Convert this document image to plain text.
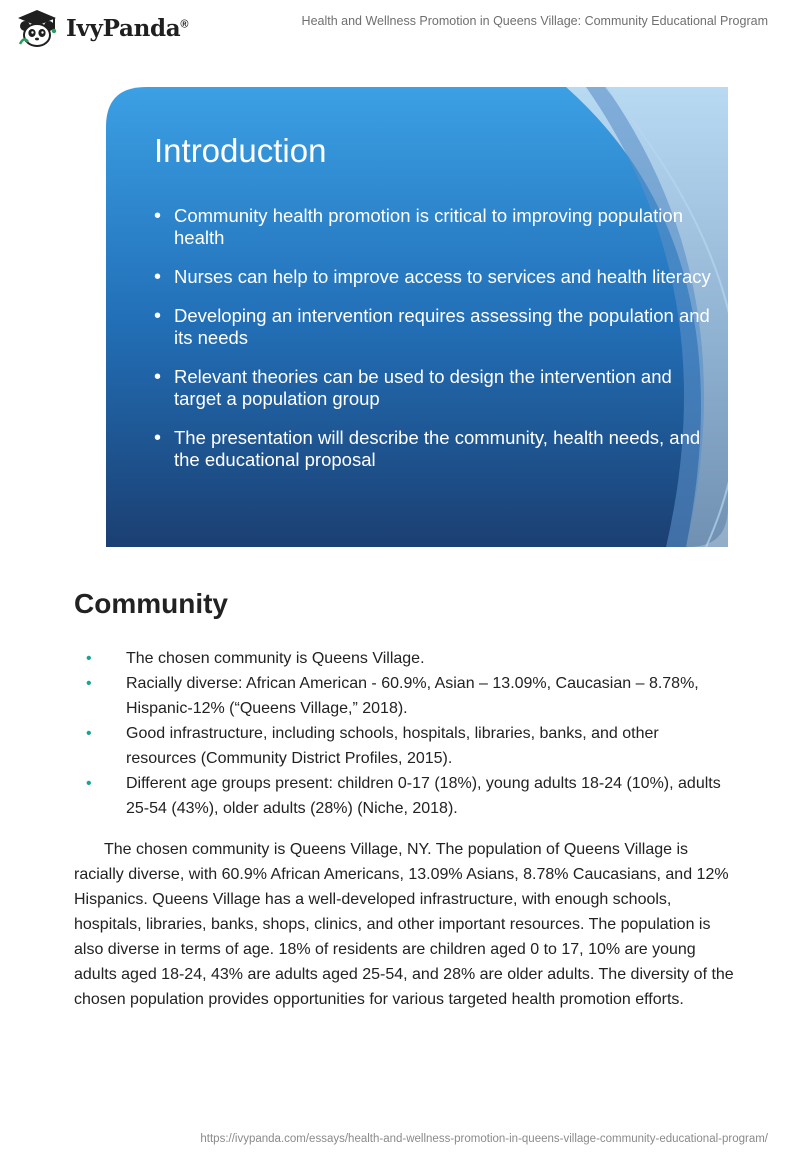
IvyPanda®	Health and Wellness Promotion in Queens Village: Community Educational Program
Introduction
• Community health promotion is critical to improving population health
• Nurses can help to improve access to services and health literacy
• Developing an intervention requires assessing the population and its needs
• Relevant theories can be used to design the intervention and target a population group
• The presentation will describe the community, health needs, and the educational proposal
Community
• The chosen community is Queens Village.
• Racially diverse: African American - 60.9%, Asian – 13.09%, Caucasian – 8.78%, Hispanic-12% (“Queens Village,” 2018).
• Good infrastructure, including schools, hospitals, libraries, banks, and other resources (Community District Profiles, 2015).
• Different age groups present: children 0-17 (18%), young adults 18-24 (10%), adults 25-54 (43%), older adults (28%) (Niche, 2018).

The chosen community is Queens Village, NY. The population of Queens Village is racially diverse, with 60.9% African Americans, 13.09% Asians, 8.78% Caucasians, and 12% Hispanics. Queens Village has a well-developed infrastructure, with enough schools, hospitals, libraries, banks, shops, clinics, and other important resources. The population is also diverse in terms of age. 18% of residents are children aged 0 to 17, 10% are young adults aged 18-24, 43% are adults aged 25-54, and 28% are older adults. The diversity of the chosen population provides opportunities for various targeted health promotion efforts.

https://ivypanda.com/essays/health-and-wellness-promotion-in-queens-village-community-educational-program/
